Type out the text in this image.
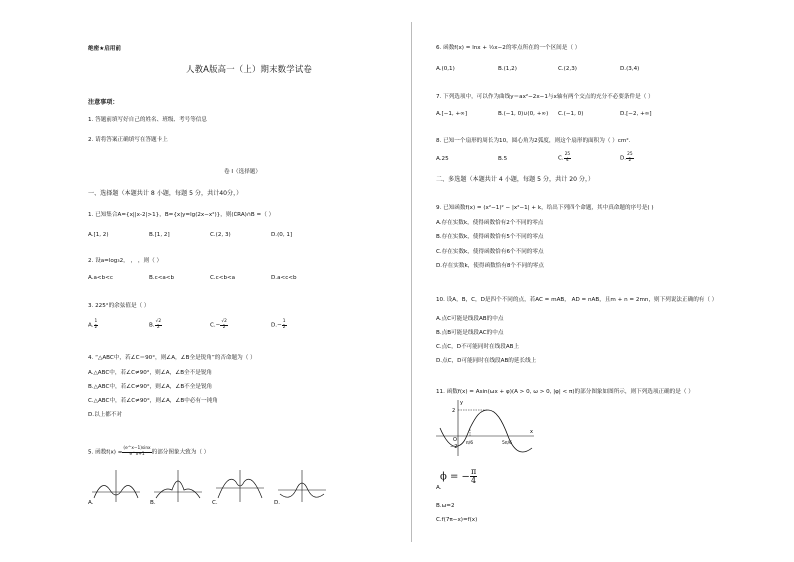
绝密★启用前
人教A版高一（上）期末数学试卷
注意事项：
1. 答题前填写好自己的姓名、班级、考号等信息
2. 请将答案正确填写在答题卡上
卷 I（选择题）
一、选择题（本题共计 8 小题，每题 5 分，共计40分，）
1. 已知集合A={x||x-2|>1}，B={x|y=lg(2x−x²)}，则(∁RA)∩B =（ ）
A.[1, 2)	B.[1, 2]	C.(2, 3)	D.(0, 1]
2. 设a=log₃2， ， ，则（ ）
A.a<b<c	B.c<a<b	C.c<b<a	D.a<c<b
3. 225°的余弦值是（ ）
A. $\frac{1}{2}$	B. $\frac{√2}{2}$	$C.- \frac{√2}{2}$	$D.- \frac{1}{2}$
4. “△ABC中，若∠C＝90°，则∠A，∠B全是锐角”的否命题为（ ）
A.△ABC中，若∠C≠90°，则∠A，∠B全不是锐角
B.△ABC中，若∠C≠90°，则∠A，∠B不全是锐角
C.△ABC中，若∠C≠90°，则∠A，∠B中必有一钝角
D.以上都不对
5. 函数$f(x) = \frac{(e\^{}x-1)\sin x}{e\^{}x+1}$ 的部分图象大致为（ ）
A.	B.	C.	D.
6. 函数f(x) = lnx + ½x−2的零点所在的一个区间是（ ）
A.(0,1)	B.(1,2)	C.(2,3)	D.(3,4)
7. 下列选项中，可以作为曲线y＝ax²−2x−1与x轴有两个交点的充分不必要条件是（ ）
A.[−1, +∞]	B.(−1, 0)∪(0, +∞) C.(−1, 0)	D.[−2, +∞]
8. 已知一个扇形的周长为10，圆心角为2弧度，则这个扇形的面积为（ ）cm².
A.25	B.5	C. $\frac{25}{4}$	D. $\frac{25}{2}$
二、多选题（本题共计 4 小题，每题 5 分，共计 20 分，）
9. 已知函数f(x) = (x²−1)² − |x²−1| + k，给出下列四个命题，其中真命题的序号是( )
A.存在实数k，使得函数恰有2个不同的零点
B.存在实数k，使得函数恰有5个不同的零点
C.存在实数k，使得函数恰有6个不同的零点
D.存在实数k，使得函数恰有8个不同的零点
10. 设A，B，C，D是四个不同的点，若AC = mAB， AD = nAB，且m + n = 2mn，则下列说法正确的有（ ）
A.点C可能是线段AB的中点
B.点B可能是线段AC的中点
C.点C，D不可能同时在线段AB上
D.点C，D可能同时在线段AB的延长线上
11. 函数f(x) = Asin(ωx + φ)(A > 0, ω > 0, |φ| < π)的部分图象如图所示，则下列选项正确的是（ ）
y
x
O
2
−2
π/6	5π/6
ϕ = − $\frac{\pi}{4}$
A.
B.ω=2
C.f(7π−x)=f(x)
